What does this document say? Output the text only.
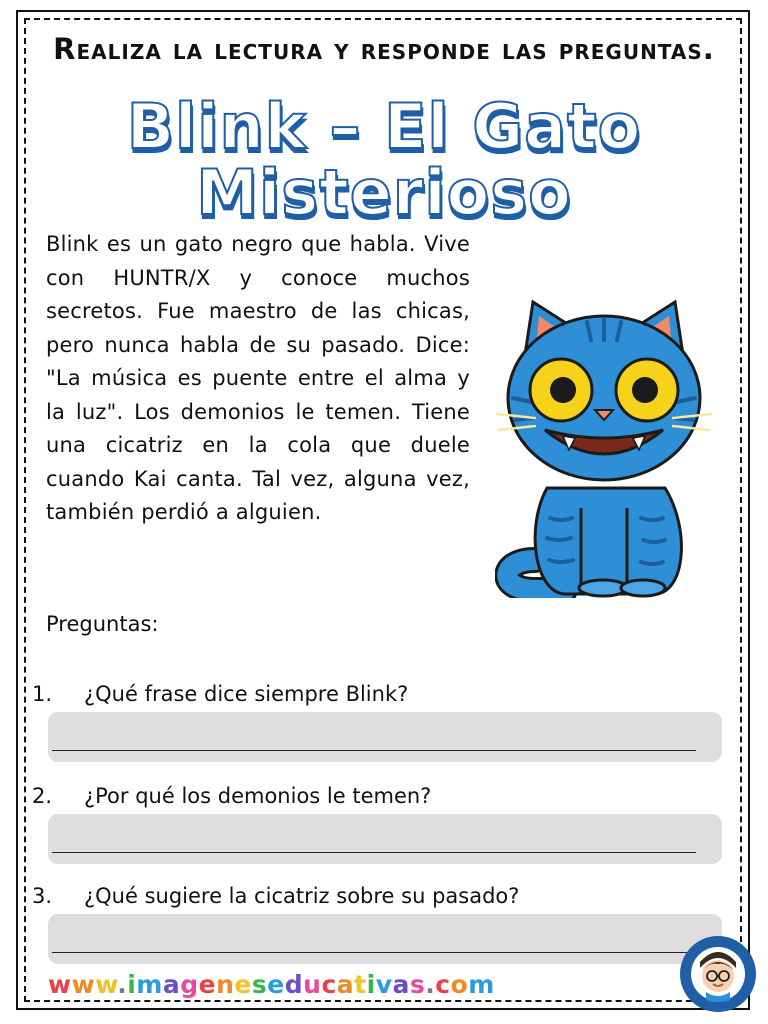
Realiza la lectura y responde las preguntas.
Blink – El Gato
Misterioso
Blink es un gato negro que habla. Vive con HUNTR/X y conoce muchos secretos. Fue maestro de las chicas, pero nunca habla de su pasado. Dice: "La música es puente entre el alma y la luz". Los demonios le temen. Tiene una cicatriz en la cola que duele cuando Kai canta. Tal vez, alguna vez, también perdió a alguien.
Preguntas:
1. ¿Qué frase dice siempre Blink?
2. ¿Por qué los demonios le temen?
3. ¿Qué sugiere la cicatriz sobre su pasado?
www.imageneseducativas.com
